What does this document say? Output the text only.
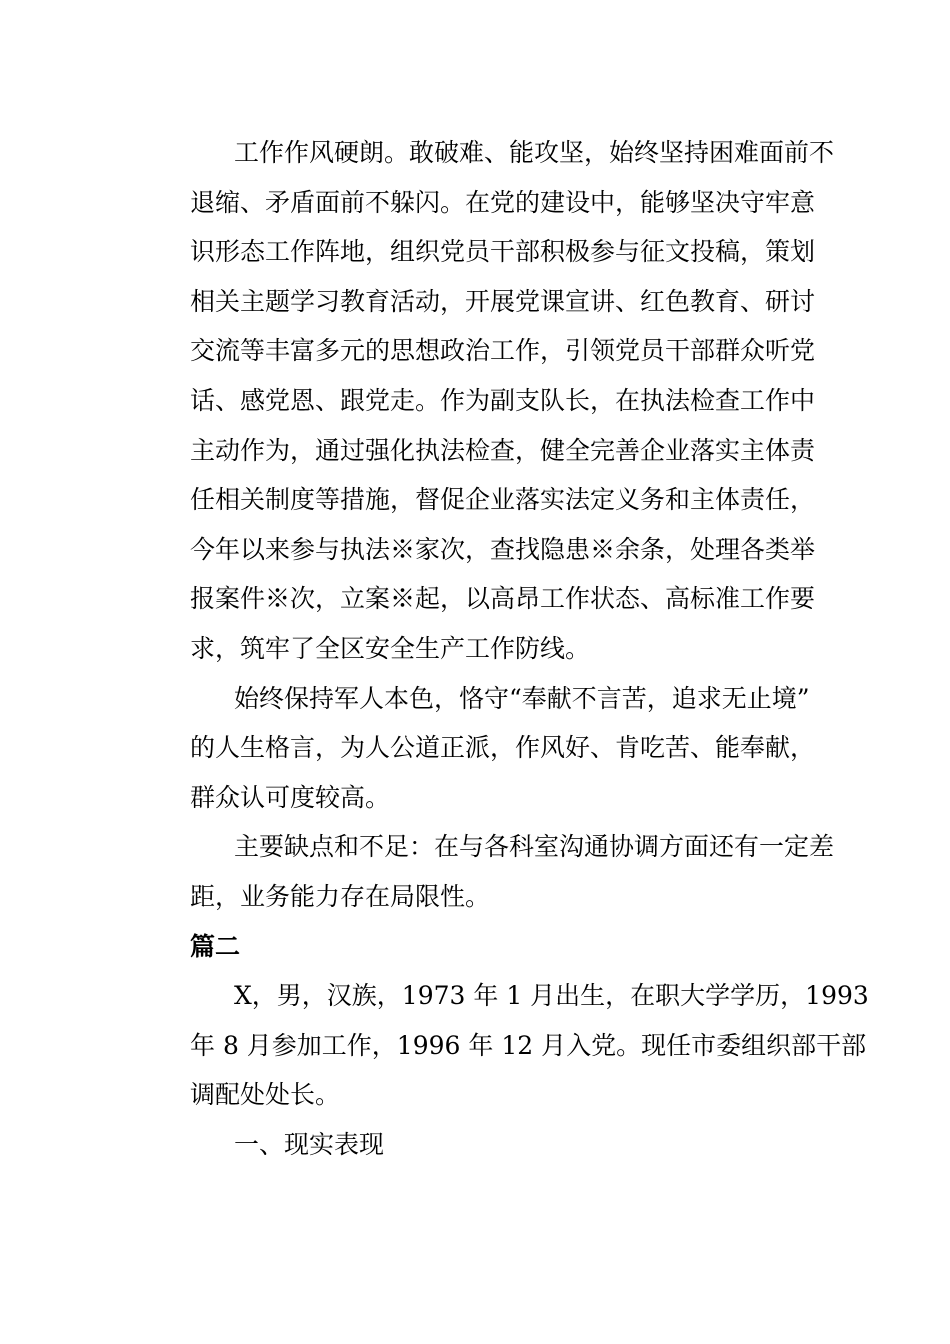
工作作风硬朗。敢破难、能攻坚，始终坚持困难面前不
退缩、矛盾面前不躲闪。在党的建设中，能够坚决守牢意
识形态工作阵地，组织党员干部积极参与征文投稿，策划
相关主题学习教育活动，开展党课宣讲、红色教育、研讨
交流等丰富多元的思想政治工作，引领党员干部群众听党
话、感党恩、跟党走。作为副支队长，在执法检查工作中
主动作为，通过强化执法检查，健全完善企业落实主体责
任相关制度等措施，督促企业落实法定义务和主体责任，
今年以来参与执法※家次，查找隐患※余条，处理各类举
报案件※次，立案※起，以高昂工作状态、高标准工作要
求，筑牢了全区安全生产工作防线。
始终保持军人本色，恪守“奉献不言苦，追求无止境”
的人生格言，为人公道正派，作风好、肯吃苦、能奉献，
群众认可度较高。
主要缺点和不足：在与各科室沟通协调方面还有一定差
距，业务能力存在局限性。
篇二
X，男，汉族，1973 年 1 月出生，在职大学学历，1993
年 8 月参加工作，1996 年 12 月入党。现任市委组织部干部
调配处处长。
一、现实表现
